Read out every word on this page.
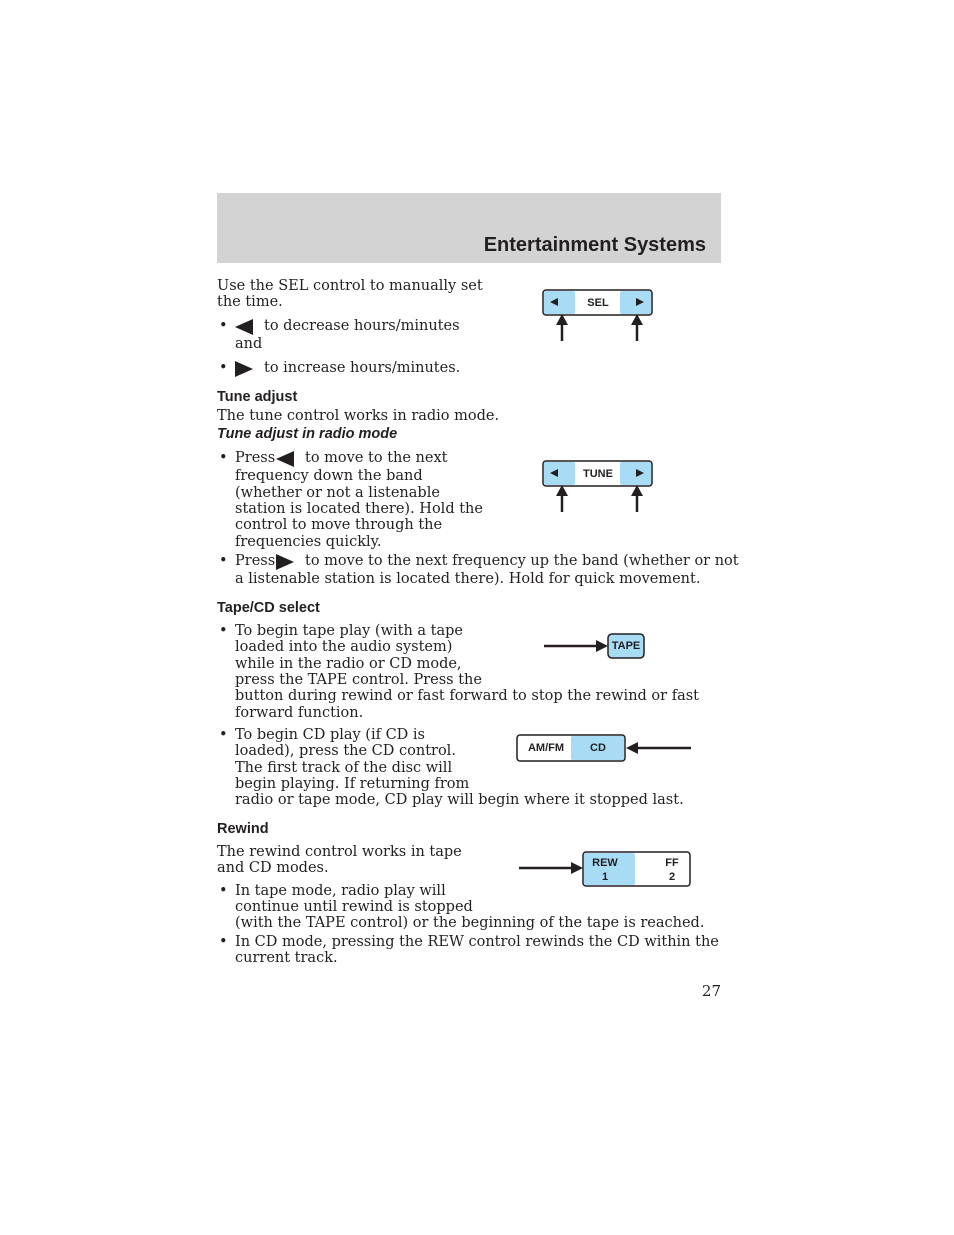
Entertainment Systems

Use the SEL control to manually set

the time.

•	to decrease hours/minutes

and

•	to increase hours/minutes.

SEL

Tune adjust

The tune control works in radio mode.

Tune adjust in radio mode

• Press to move to the next

frequency down the band

(whether or not a listenable

station is located there). Hold the

control to move through the

frequencies quickly.

• Press to move to the next frequency up the band (whether or not

a listenable station is located there). Hold for quick movement.

TUNE

Tape/CD select

• To begin tape play (with a tape

loaded into the audio system)

while in the radio or CD mode,

press the TAPE control. Press the

button during rewind or fast forward to stop the rewind or fast

forward function.

TAPE
• To begin CD play (if CD is

loaded), press the CD control.

The first track of the disc will

begin playing. If returning from

radio or tape mode, CD play will begin where it stopped last.

AM/FM	CD

Rewind

The rewind control works in tape

and CD modes.

• In tape mode, radio play will

continue until rewind is stopped

(with the TAPE control) or the beginning of the tape is reached.

• In CD mode, pressing the REW control rewinds the CD within the

current track.

REW
1
FF
2
27
